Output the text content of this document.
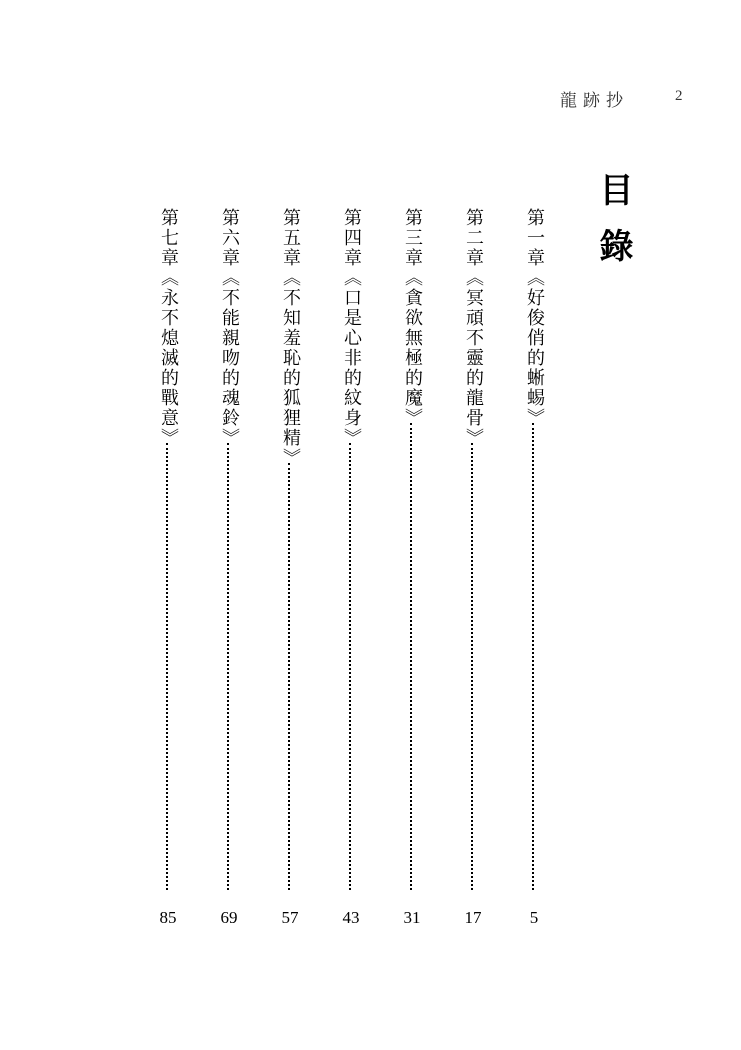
龍跡抄	2
目錄
第一章《好俊俏的蜥蜴》
5
第二章《冥頑不靈的龍骨》
17
第三章《貪欲無極的魔》
31
第四章《口是心非的紋身》
43
第五章《不知羞恥的狐狸精》
57
第六章《不能親吻的魂鈴》
69
第七章《永不熄滅的戰意》
85
